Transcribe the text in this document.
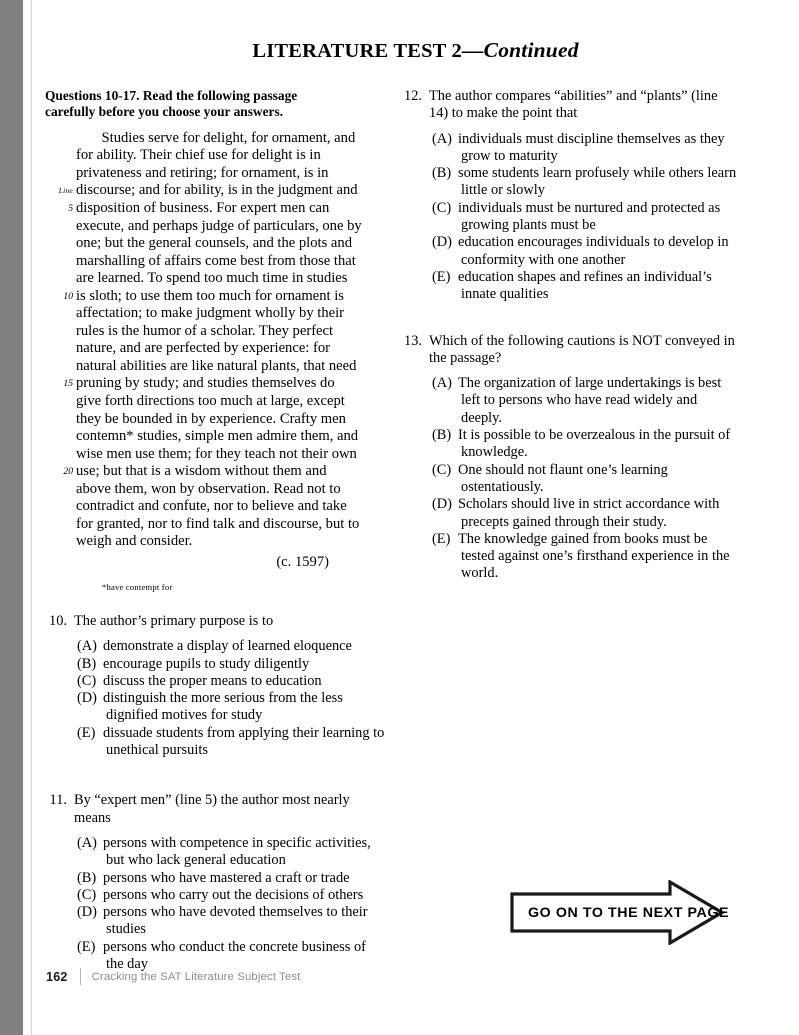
LITERATURE TEST 2—Continued
Questions 10-17. Read the following passage
carefully before you choose your answers.
Studies serve for delight, for ornament, and
for ability. Their chief use for delight is in
privateness and retiring; for ornament, is in
Line discourse; and for ability, is in the judgment and
5 disposition of business. For expert men can
execute, and perhaps judge of particulars, one by
one; but the general counsels, and the plots and
marshalling of affairs come best from those that
are learned. To spend too much time in studies
10 is sloth; to use them too much for ornament is
affectation; to make judgment wholly by their
rules is the humor of a scholar. They perfect
nature, and are perfected by experience: for
natural abilities are like natural plants, that need
15 pruning by study; and studies themselves do
give forth directions too much at large, except
they be bounded in by experience. Crafty men
contemn* studies, simple men admire them, and
wise men use them; for they teach not their own
20 use; but that is a wisdom without them and
above them, won by observation. Read not to
contradict and confute, nor to believe and take
for granted, nor to find talk and discourse, but to
weigh and consider.
(c. 1597)
*have contempt for
10. The author’s primary purpose is to
(A) demonstrate a display of learned eloquence
(B) encourage pupils to study diligently
(C) discuss the proper means to education
(D) distinguish the more serious from the less dignified motives for study
(E) dissuade students from applying their learning to unethical pursuits
11. By “expert men” (line 5) the author most nearly means
(A) persons with competence in specific activities, but who lack general education
(B) persons who have mastered a craft or trade
(C) persons who carry out the decisions of others
(D) persons who have devoted themselves to their studies
(E) persons who conduct the concrete business of the day
12. The author compares “abilities” and “plants” (line 14) to make the point that
(A) individuals must discipline themselves as they grow to maturity
(B) some students learn profusely while others learn little or slowly
(C) individuals must be nurtured and protected as growing plants must be
(D) education encourages individuals to develop in conformity with one another
(E) education shapes and refines an individual’s innate qualities
13. Which of the following cautions is NOT conveyed in the passage?
(A) The organization of large undertakings is best left to persons who have read widely and deeply.
(B) It is possible to be overzealous in the pursuit of knowledge.
(C) One should not flaunt one’s learning ostentatiously.
(D) Scholars should live in strict accordance with precepts gained through their study.
(E) The knowledge gained from books must be tested against one’s firsthand experience in the world.
GO ON TO THE NEXT PAGE
162 Cracking the SAT Literature Subject Test
